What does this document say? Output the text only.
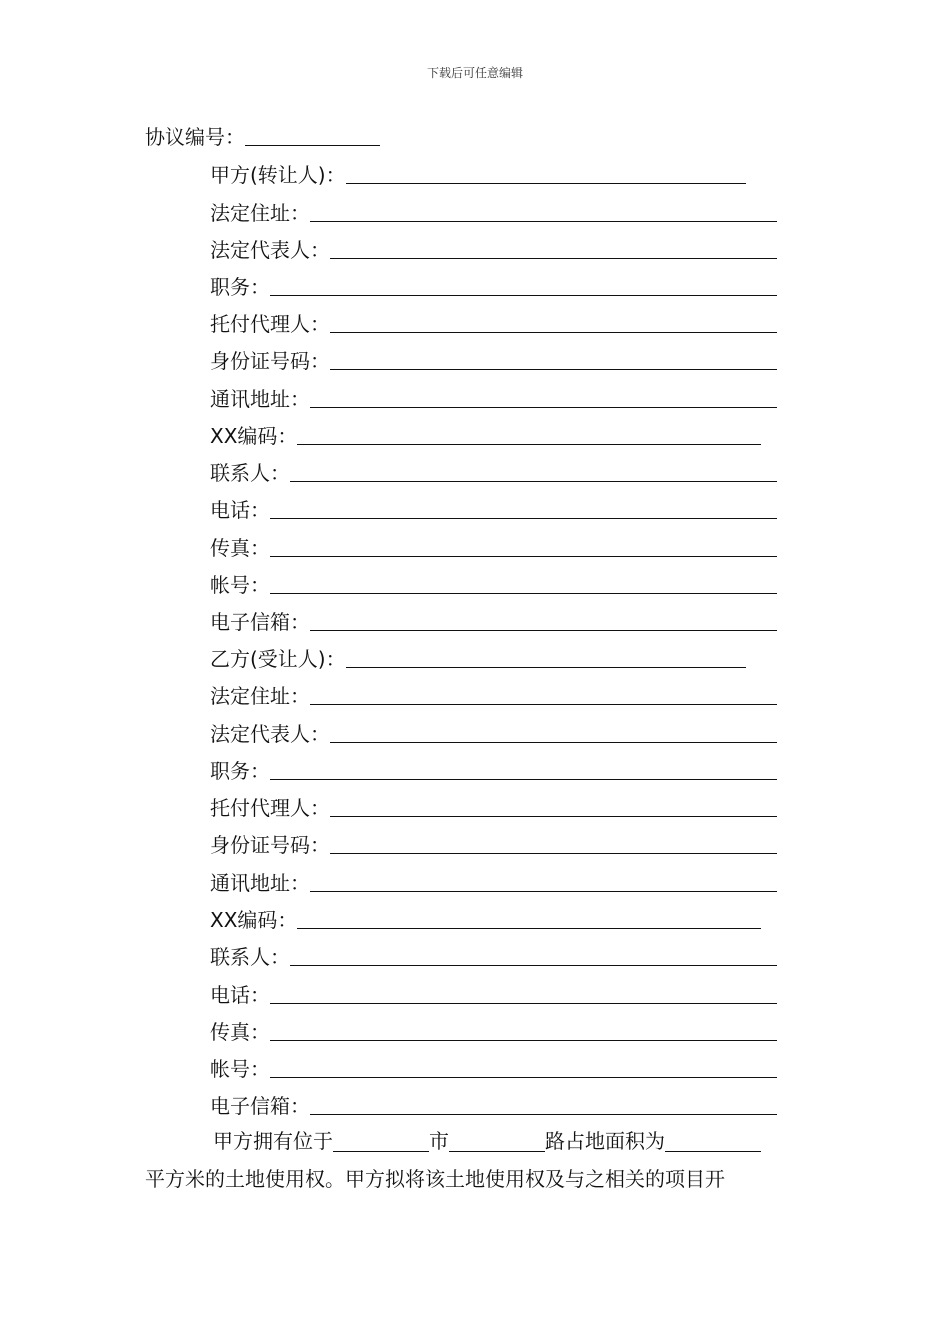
下载后可任意编辑
协议编号：
甲方(转让人)：
法定住址：
法定代表人：
职务：
托付代理人：
身份证号码：
通讯地址：
XX编码：
联系人：
电话：
传真：
帐号：
电子信箱：
乙方(受让人)：
法定住址：
法定代表人：
职务：
托付代理人：
身份证号码：
通讯地址：
XX编码：
联系人：
电话：
传真：
帐号：
电子信箱：
甲方拥有位于	市	路占地面积为
平方米的土地使用权。甲方拟将该土地使用权及与之相关的项目开
